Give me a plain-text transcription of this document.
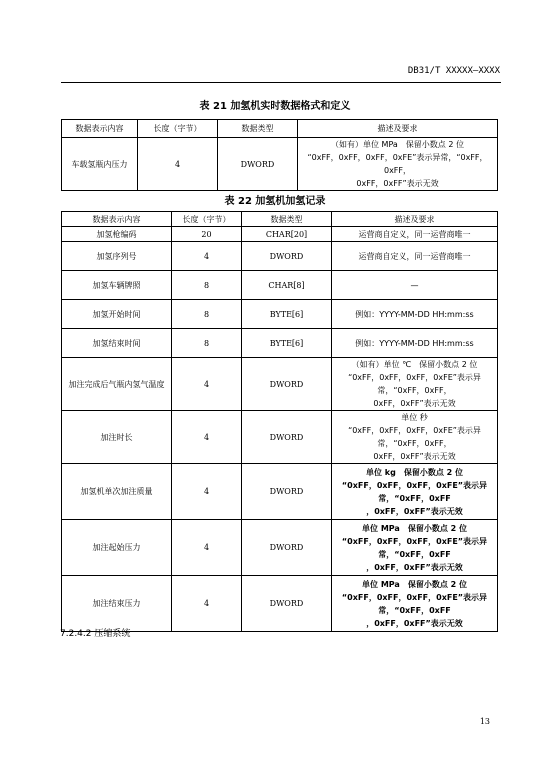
DB31/T XXXXX—XXXX
表 21 加氢机实时数据格式和定义
数据表示内容	长度（字节）	数据类型	描述及要求
车载氢瓶内压力	4	DWORD	（如有）单位 MPa　保留小数点 2 位
“0xFF，0xFF，0xFF，0xFE”表示异常，“0xFF，0xFF，
0xFF，0xFF”表示无效
表 22 加氢机加氢记录
数据表示内容	长度（字节）	数据类型	描述及要求
加氢枪编码	20	CHAR[20]	运营商自定义，同一运营商唯一
加氢序列号	4	DWORD	运营商自定义，同一运营商唯一
加氢车辆牌照	8	CHAR[8]	—
加氢开始时间	8	BYTE[6]	例如：YYYY-MM-DD HH:mm:ss
加氢结束时间	8	BYTE[6]	例如：YYYY-MM-DD HH:mm:ss
加注完成后气瓶内氢气温度	4	DWORD	（如有）单位 ℃　保留小数点 2 位
“0xFF，0xFF，0xFF，0xFE”表示异常，“0xFF，0xFF，
0xFF，0xFF”表示无效

加注时长	4	DWORD	单位 秒
“0xFF，0xFF，0xFF，0xFE”表示异常，“0xFF，0xFF，
0xFF，0xFF”表示无效

加氢机单次加注质量	4	DWORD	单位 kg　保留小数点 2 位
“0xFF，0xFF，0xFF，0xFE”表示异常，“0xFF，0xFF
，0xFF，0xFF”表示无效

加注起始压力	4	DWORD	单位 MPa　保留小数点 2 位
“0xFF，0xFF，0xFF，0xFE”表示异常，“0xFF，0xFF
，0xFF，0xFF”表示无效

加注结束压力	4	DWORD	单位 MPa　保留小数点 2 位
“0xFF，0xFF，0xFF，0xFE”表示异常，“0xFF，0xFF
，0xFF，0xFF”表示无效
7.2.4.2 压缩系统
13
